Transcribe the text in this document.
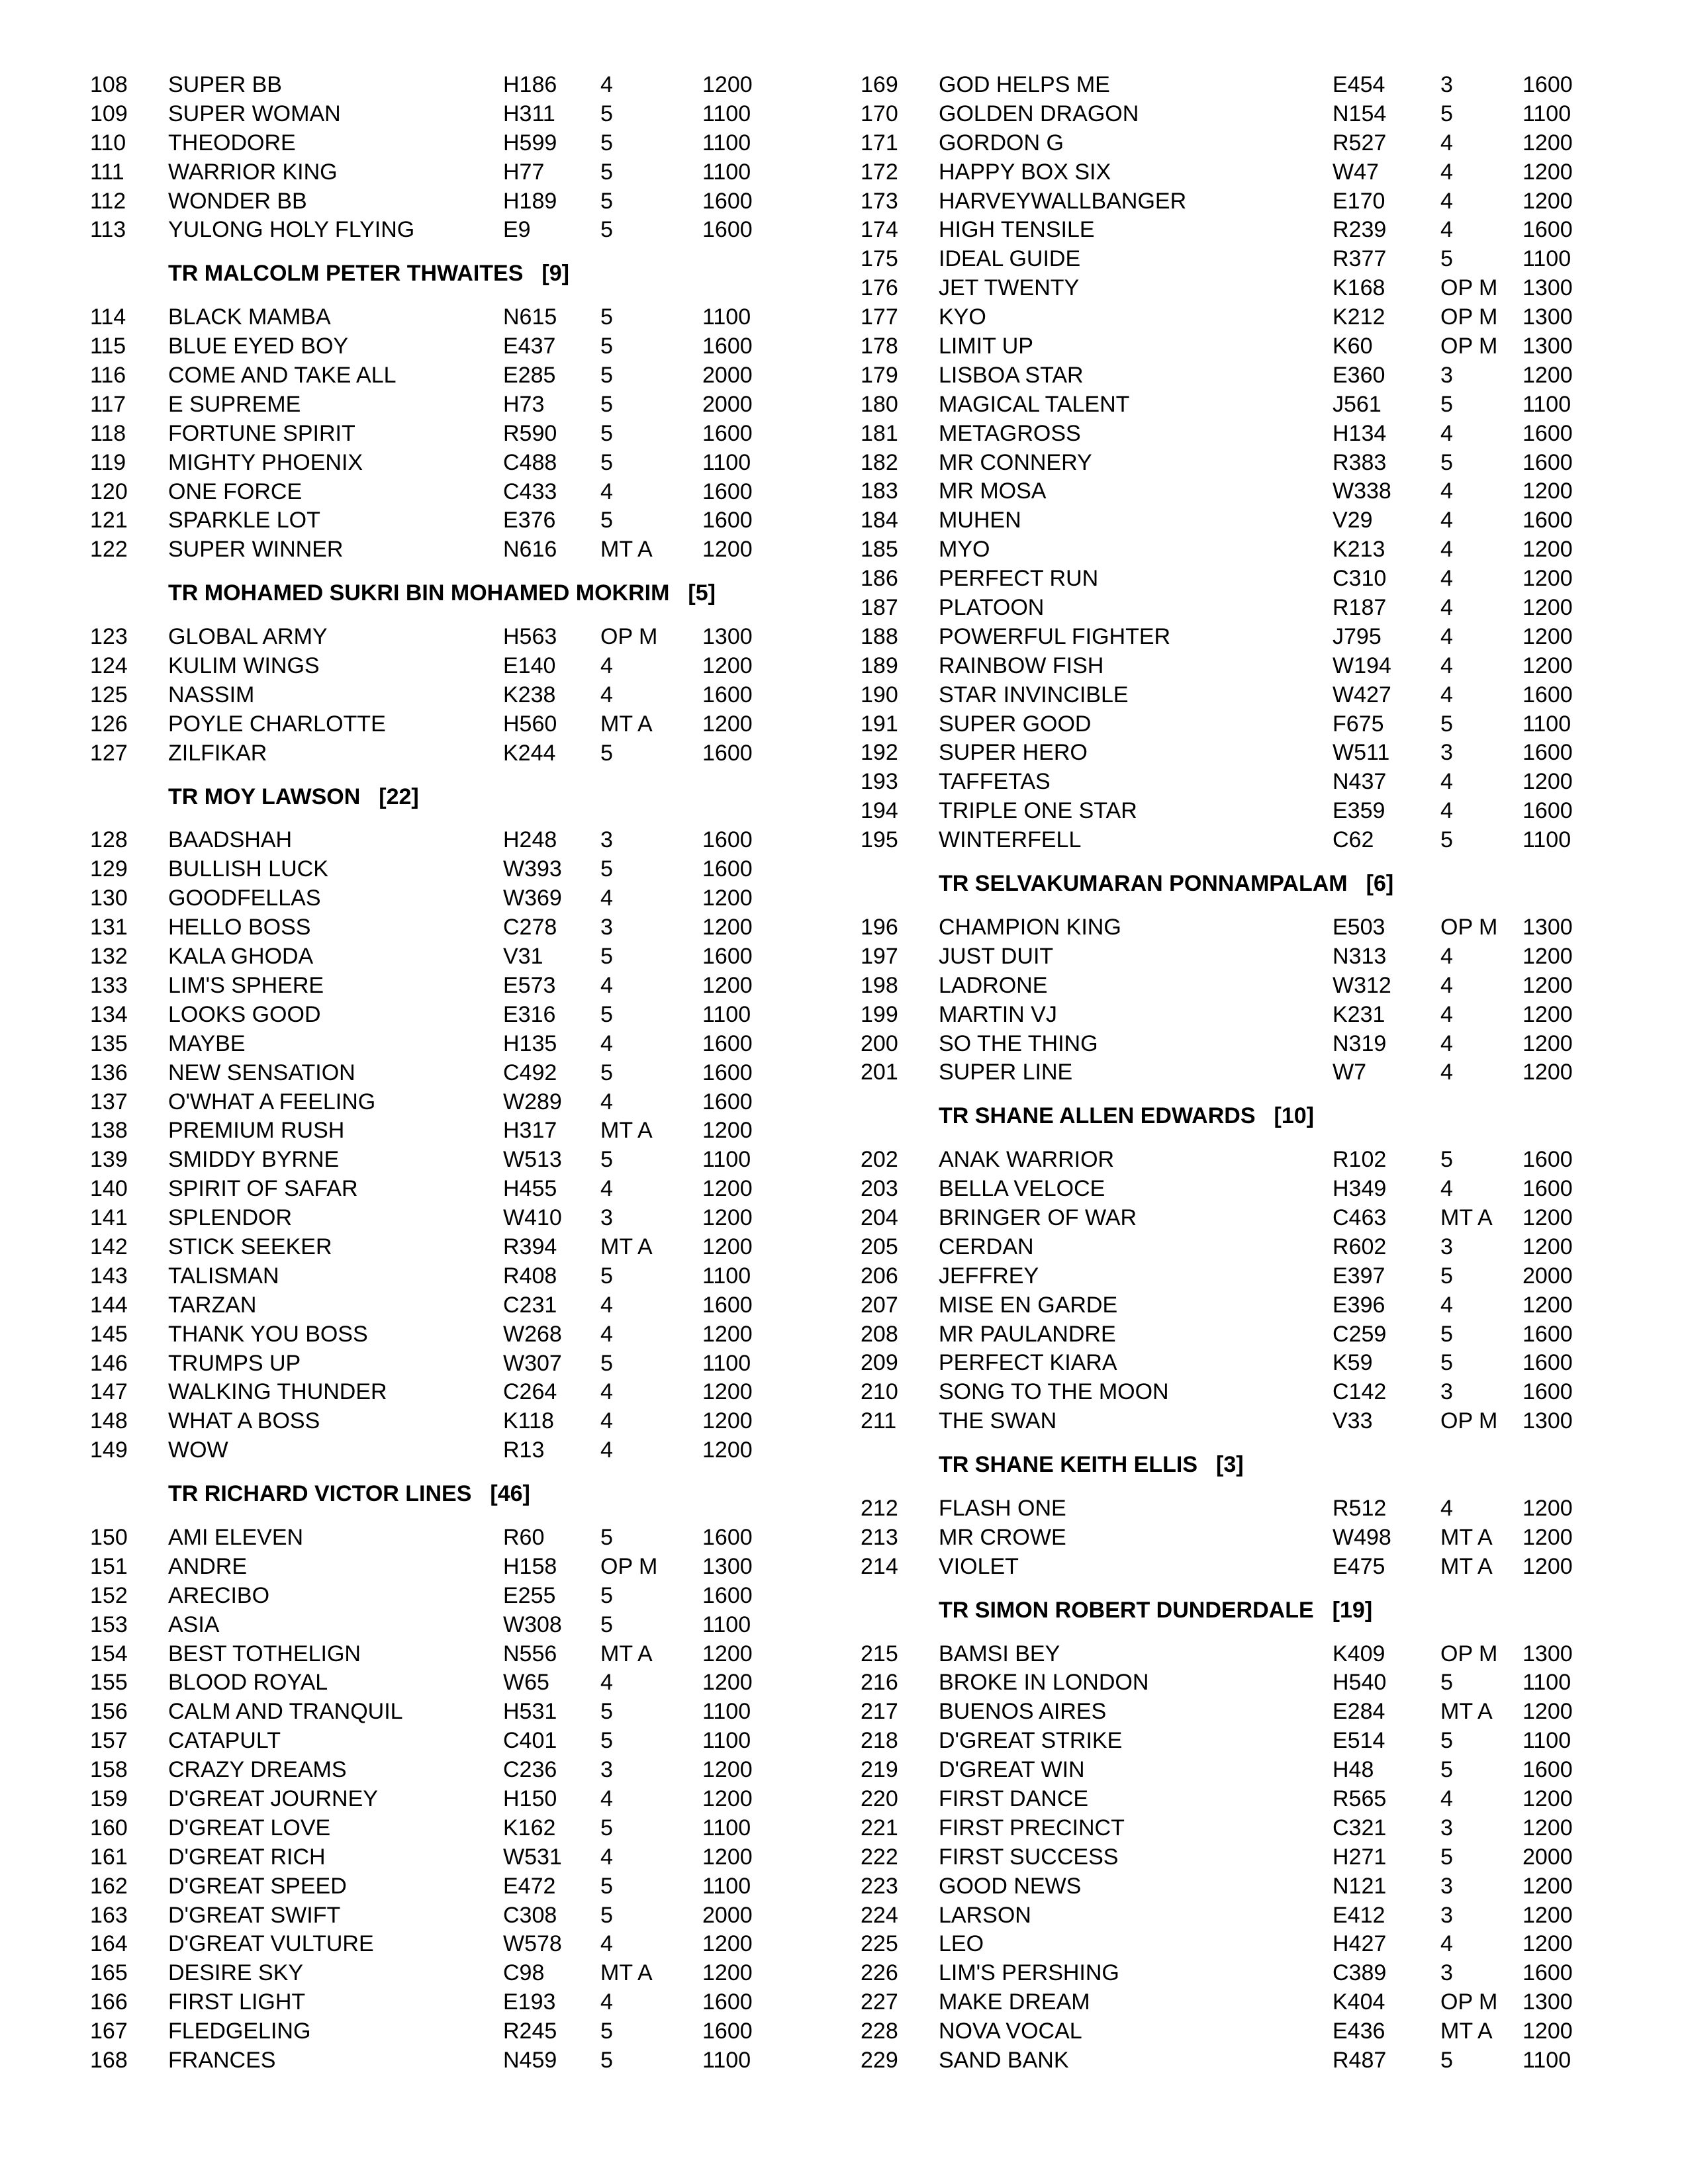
108 SUPER BB	H186 4	1200
109 SUPER WOMAN	H311 5	1100
110 THEODORE	H599 5	1100
111 WARRIOR KING	H77 5	1100
112 WONDER BB	H189 5	1600
113 YULONG HOLY FLYING	E9	5	1600
TR MALCOLM PETER THWAITES [9]
114 BLACK MAMBA	N615 5	1100
115 BLUE EYED BOY	E437 5	1600
116 COME AND TAKE ALL	E285 5	2000
117 E SUPREME	H73 5	2000
118 FORTUNE SPIRIT	R590 5	1600
119 MIGHTY PHOENIX	C488 5	1100
120 ONE FORCE	C433 4	1600
121 SPARKLE LOT	E376 5	1600
122 SUPER WINNER	N616 MT A 1200
TR MOHAMED SUKRI BIN MOHAMED MOKRIM [5]
123 GLOBAL ARMY	H563 OP M 1300
124 KULIM WINGS	E140 4	1200
125 NASSIM	K238 4	1600
126 POYLE CHARLOTTE	H560 MT A 1200
127 ZILFIKAR	K244 5	1600
TR MOY LAWSON [22]
128 BAADSHAH	H248 3	1600
129 BULLISH LUCK	W393 5	1600
130 GOODFELLAS	W369 4	1200
131 HELLO BOSS	C278 3	1200
132 KALA GHODA	V31	5	1600
133 LIM'S SPHERE	E573 4	1200
134 LOOKS GOOD	E316 5	1100
135 MAYBE	H135 4	1600
136 NEW SENSATION	C492 5	1600
137 O'WHAT A FEELING	W289 4	1600
138 PREMIUM RUSH	H317 MT A 1200
139 SMIDDY BYRNE	W513 5	1100
140 SPIRIT OF SAFAR	H455 4	1200
141 SPLENDOR	W410 3	1200
142 STICK SEEKER	R394 MT A 1200
143 TALISMAN	R408 5	1100
144 TARZAN	C231 4	1600
145 THANK YOU BOSS	W268 4	1200
146 TRUMPS UP	W307 5	1100
147 WALKING THUNDER	C264 4	1200
148 WHAT A BOSS	K118 4	1200
149 WOW	R13 4	1200
TR RICHARD VICTOR LINES [46]
150 AMI ELEVEN	R60 5	1600
151 ANDRE	H158 OP M 1300
152 ARECIBO	E255 5	1600
153 ASIA	W308 5	1100
154 BEST TOTHELIGN	N556 MT A 1200
155 BLOOD ROYAL	W65 4	1200
156 CALM AND TRANQUIL	H531 5	1100
157 CATAPULT	C401 5	1100
158 CRAZY DREAMS	C236 3	1200
159 D'GREAT JOURNEY	H150 4	1200
160 D'GREAT LOVE	K162 5	1100
161 D'GREAT RICH	W531 4	1200
162 D'GREAT SPEED	E472 5	1100
163 D'GREAT SWIFT	C308 5	2000
164 D'GREAT VULTURE	W578 4	1200
165 DESIRE SKY	C98 MT A 1200
166 FIRST LIGHT	E193 4	1600
167 FLEDGELING	R245 5	1600
168 FRANCES	N459 5	1100
169 GOD HELPS ME	E454 3	1600
170 GOLDEN DRAGON	N154 5	1100
171 GORDON G	R527 4	1200
172 HAPPY BOX SIX	W47	4	1200
173 HARVEYWALLBANGER	E170 4	1200
174 HIGH TENSILE	R239 4	1600
175 IDEAL GUIDE	R377 5	1100
176 JET TWENTY	K168 OP M 1300
177 KYO	K212 OP M 1300
178 LIMIT UP	K60	OP M 1300
179 LISBOA STAR	E360 3	1200
180 MAGICAL TALENT	J561	5	1100
181 METAGROSS	H134 4	1600
182 MR CONNERY	R383 5	1600
183 MR MOSA	W338 4	1200
184 MUHEN	V29	4	1600
185 MYO	K213 4	1200
186 PERFECT RUN	C310 4	1200
187 PLATOON	R187 4	1200
188 POWERFUL FIGHTER	J795	4	1200
189 RAINBOW FISH	W194 4	1200
190 STAR INVINCIBLE	W427 4	1600
191 SUPER GOOD	F675	5	1100
192 SUPER HERO	W511 3	1600
193 TAFFETAS	N437 4	1200
194 TRIPLE ONE STAR	E359 4	1600
195 WINTERFELL	C62	5	1100
TR SELVAKUMARAN PONNAMPALAM [6]
196 CHAMPION KING	E503 OP M 1300
197 JUST DUIT	N313 4	1200
198 LADRONE	W312 4	1200
199 MARTIN VJ	K231 4	1200
200 SO THE THING	N319 4	1200
201 SUPER LINE	W7	4	1200
TR SHANE ALLEN EDWARDS [10]
202 ANAK WARRIOR	R102 5	1600
203 BELLA VELOCE	H349 4	1600
204 BRINGER OF WAR	C463 MT A 1200
205 CERDAN	R602 3	1200
206 JEFFREY	E397 5	2000
207 MISE EN GARDE	E396 4	1200
208 MR PAULANDRE	C259 5	1600
209 PERFECT KIARA	K59	5	1600
210 SONG TO THE MOON	C142 3	1600
211 THE SWAN	V33	OP M 1300
TR SHANE KEITH ELLIS [3]
212 FLASH ONE	R512 4	1200
213 MR CROWE	W498 MT A 1200
214 VIOLET	E475 MT A 1200
TR SIMON ROBERT DUNDERDALE [19]
215 BAMSI BEY	K409 OP M 1300
216 BROKE IN LONDON	H540 5	1100
217 BUENOS AIRES	E284 MT A 1200
218 D'GREAT STRIKE	E514 5	1100
219 D'GREAT WIN	H48	5	1600
220 FIRST DANCE	R565 4	1200
221 FIRST PRECINCT	C321 3	1200
222 FIRST SUCCESS	H271 5	2000
223 GOOD NEWS	N121 3	1200
224 LARSON	E412 3	1200
225 LEO	H427 4	1200
226 LIM'S PERSHING	C389 3	1600
227 MAKE DREAM	K404 OP M 1300
228 NOVA VOCAL	E436 MT A 1200
229 SAND BANK	R487 5	1100
